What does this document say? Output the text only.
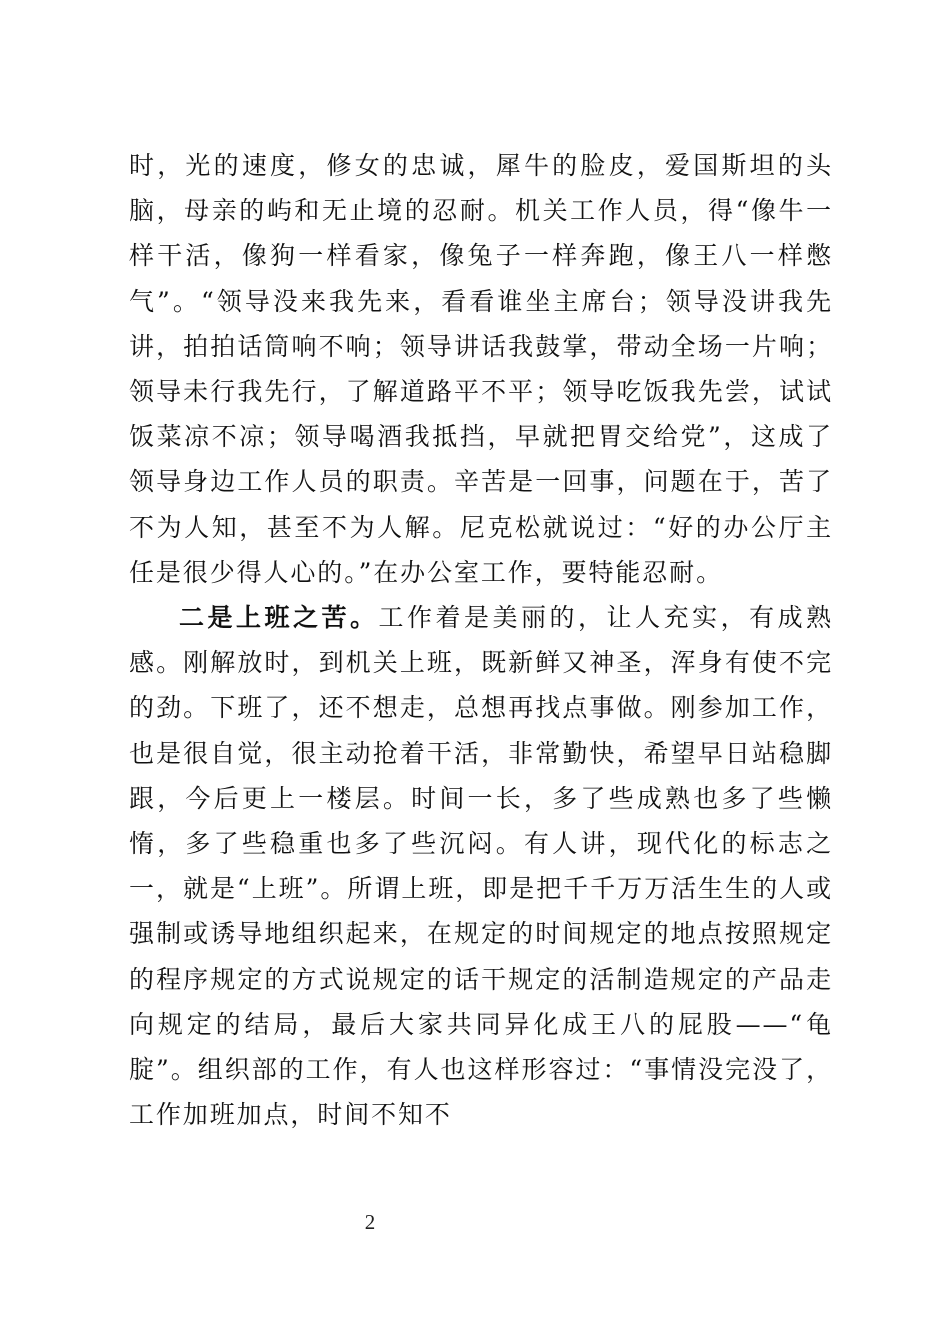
时，光的速度，修女的忠诚，犀牛的脸皮，爱国斯坦的头脑，母亲的屿和无止境的忍耐。机关工作人员，得“像牛一样干活，像狗一样看家，像兔子一样奔跑，像王八一样憋气”。“领导没来我先来，看看谁坐主席台；领导没讲我先讲，拍拍话筒响不响；领导讲话我鼓掌，带动全场一片响；领导未行我先行，了解道路平不平；领导吃饭我先尝，试试饭菜凉不凉；领导喝酒我抵挡，早就把胃交给党”，这成了领导身边工作人员的职责。辛苦是一回事，问题在于，苦了不为人知，甚至不为人解。尼克松就说过：“好的办公厅主任是很少得人心的。”在办公室工作，要特能忍耐。

二是上班之苦。工作着是美丽的，让人充实，有成熟感。刚解放时，到机关上班，既新鲜又神圣，浑身有使不完的劲。下班了，还不想走，总想再找点事做。刚参加工作，也是很自觉，很主动抢着干活，非常勤快，希望早日站稳脚跟，今后更上一楼层。时间一长，多了些成熟也多了些懒惰，多了些稳重也多了些沉闷。有人讲，现代化的标志之一，就是“上班”。所谓上班，即是把千千万万活生生的人或强制或诱导地组织起来，在规定的时间规定的地点按照规定的程序规定的方式说规定的话干规定的活制造规定的产品走向规定的结局，最后大家共同异化成王八的屁股——“龟腚”。组织部的工作，有人也这样形容过：“事情没完没了，工作加班加点，时间不知不

2
